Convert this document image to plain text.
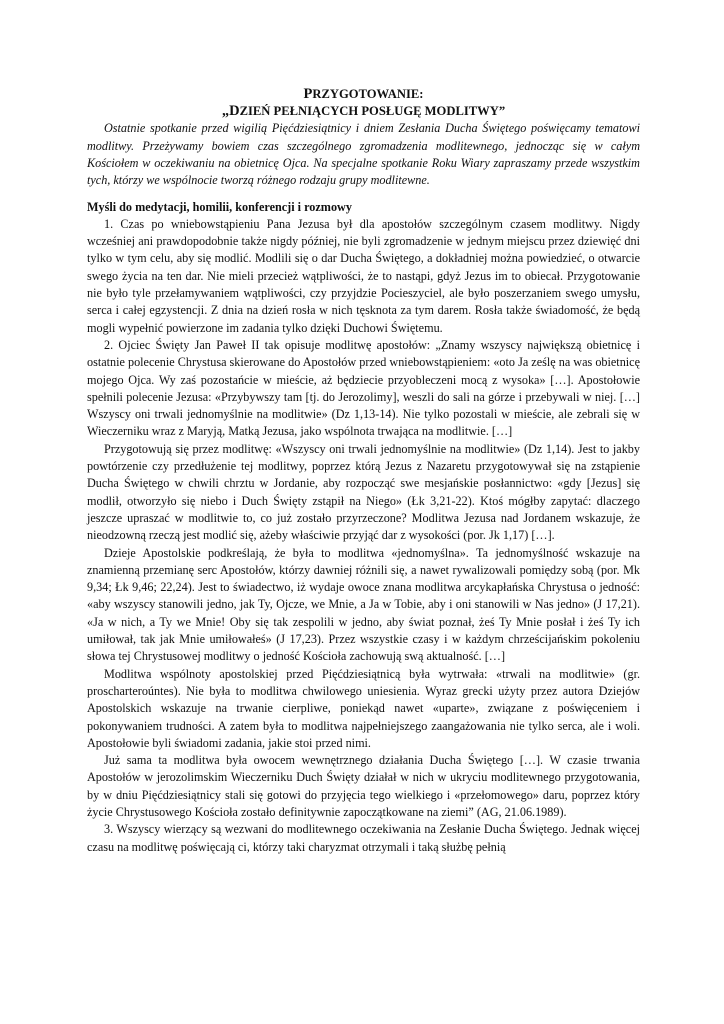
PRZYGOTOWANIE:
„DZIEŃ PEŁNIĄCYCH POSŁUGĘ MODLITWY”

Ostatnie spotkanie przed wigilią Pięćdziesiątnicy i dniem Zesłania Ducha Świętego poświęcamy tematowi modlitwy. Przeżywamy bowiem czas szczególnego zgromadzenia modlitewnego, jednocząc się w całym Kościołem w oczekiwaniu na obietnicę Ojca. Na specjalne spotkanie Roku Wiary zapraszamy przede wszystkim tych, którzy we wspólnocie tworzą różnego rodzaju grupy modlitewne.

Myśli do medytacji, homilii, konferencji i rozmowy

1. Czas po wniebowstąpieniu Pana Jezusa był dla apostołów szczególnym czasem modlitwy. Nigdy wcześniej ani prawdopodobnie także nigdy później, nie byli zgromadzenie w jednym miejscu przez dziewięć dni tylko w tym celu, aby się modlić. Modlili się o dar Ducha Świętego, a dokładniej można powiedzieć, o otwarcie swego życia na ten dar. Nie mieli przecież wątpliwości, że to nastąpi, gdyż Jezus im to obiecał. Przygotowanie nie było tyle przełamywaniem wątpliwości, czy przyjdzie Pocieszyciel, ale było poszerzaniem swego umysłu, serca i całej egzystencji. Z dnia na dzień rosła w nich tęsknota za tym darem. Rosła także świadomość, że będą mogli wypełnić powierzone im zadania tylko dzięki Duchowi Świętemu.

2. Ojciec Święty Jan Paweł II tak opisuje modlitwę apostołów: „Znamy wszyscy największą obietnicę i ostatnie polecenie Chrystusa skierowane do Apostołów przed wniebowstąpieniem: «oto Ja ześlę na was obietnicę mojego Ojca. Wy zaś pozostańcie w mieście, aż będziecie przyobleczeni mocą z wysoka» […]. Apostołowie spełnili polecenie Jezusa: «Przybywszy tam [tj. do Jerozolimy], weszli do sali na górze i przebywali w niej. […] Wszyscy oni trwali jednomyślnie na modlitwie» (Dz 1,13-14). Nie tylko pozostali w mieście, ale zebrali się w Wieczerniku wraz z Maryją, Matką Jezusa, jako wspólnota trwająca na modlitwie. […]

Przygotowują się przez modlitwę: «Wszyscy oni trwali jednomyślnie na modlitwie» (Dz 1,14). Jest to jakby powtórzenie czy przedłużenie tej modlitwy, poprzez którą Jezus z Nazaretu przygotowywał się na zstąpienie Ducha Świętego w chwili chrztu w Jordanie, aby rozpocząć swe mesjańskie posłannictwo: «gdy [Jezus] się modlił, otworzyło się niebo i Duch Święty zstąpił na Niego» (Łk 3,21-22). Ktoś mógłby zapytać: dlaczego jeszcze upraszać w modlitwie to, co już zostało przyrzeczone? Modlitwa Jezusa nad Jordanem wskazuje, że nieodzowną rzeczą jest modlić się, ażeby właściwie przyjąć dar z wysokości (por. Jk 1,17) […].

Dzieje Apostolskie podkreślają, że była to modlitwa «jednomyślna». Ta jednomyślność wskazuje na znamienną przemianę serc Apostołów, którzy dawniej różnili się, a nawet rywalizowali pomiędzy sobą (por. Mk 9,34; Łk 9,46; 22,24). Jest to świadectwo, iż wydaje owoce znana modlitwa arcykapłańska Chrystusa o jedność: «aby wszyscy stanowili jedno, jak Ty, Ojcze, we Mnie, a Ja w Tobie, aby i oni stanowili w Nas jedno» (J 17,21). «Ja w nich, a Ty we Mnie! Oby się tak zespolili w jedno, aby świat poznał, żeś Ty Mnie posłał i żeś Ty ich umiłował, tak jak Mnie umiłowałeś» (J 17,23). Przez wszystkie czasy i w każdym chrześcijańskim pokoleniu słowa tej Chrystusowej modlitwy o jedność Kościoła zachowują swą aktualność. […]

Modlitwa wspólnoty apostolskiej przed Pięćdziesiątnicą była wytrwała: «trwali na modlitwie» (gr. proscharteroúntes). Nie była to modlitwa chwilowego uniesienia. Wyraz grecki użyty przez autora Dziejów Apostolskich wskazuje na trwanie cierpliwe, poniekąd nawet «uparte», związane z poświęceniem i pokonywaniem trudności. A zatem była to modlitwa najpełniejszego zaangażowania nie tylko serca, ale i woli. Apostołowie byli świadomi zadania, jakie stoi przed nimi.

Już sama ta modlitwa była owocem wewnętrznego działania Ducha Świętego […]. W czasie trwania Apostołów w jerozolimskim Wieczerniku Duch Święty działał w nich w ukryciu modlitewnego przygotowania, by w dniu Pięćdziesiątnicy stali się gotowi do przyjęcia tego wielkiego i «przełomowego» daru, poprzez który życie Chrystusowego Kościoła zostało definitywnie zapoczątkowane na ziemi” (AG, 21.06.1989).

3. Wszyscy wierzący są wezwani do modlitewnego oczekiwania na Zesłanie Ducha Świętego. Jednak więcej czasu na modlitwę poświęcają ci, którzy taki charyzmat otrzymali i taką służbę pełnią
